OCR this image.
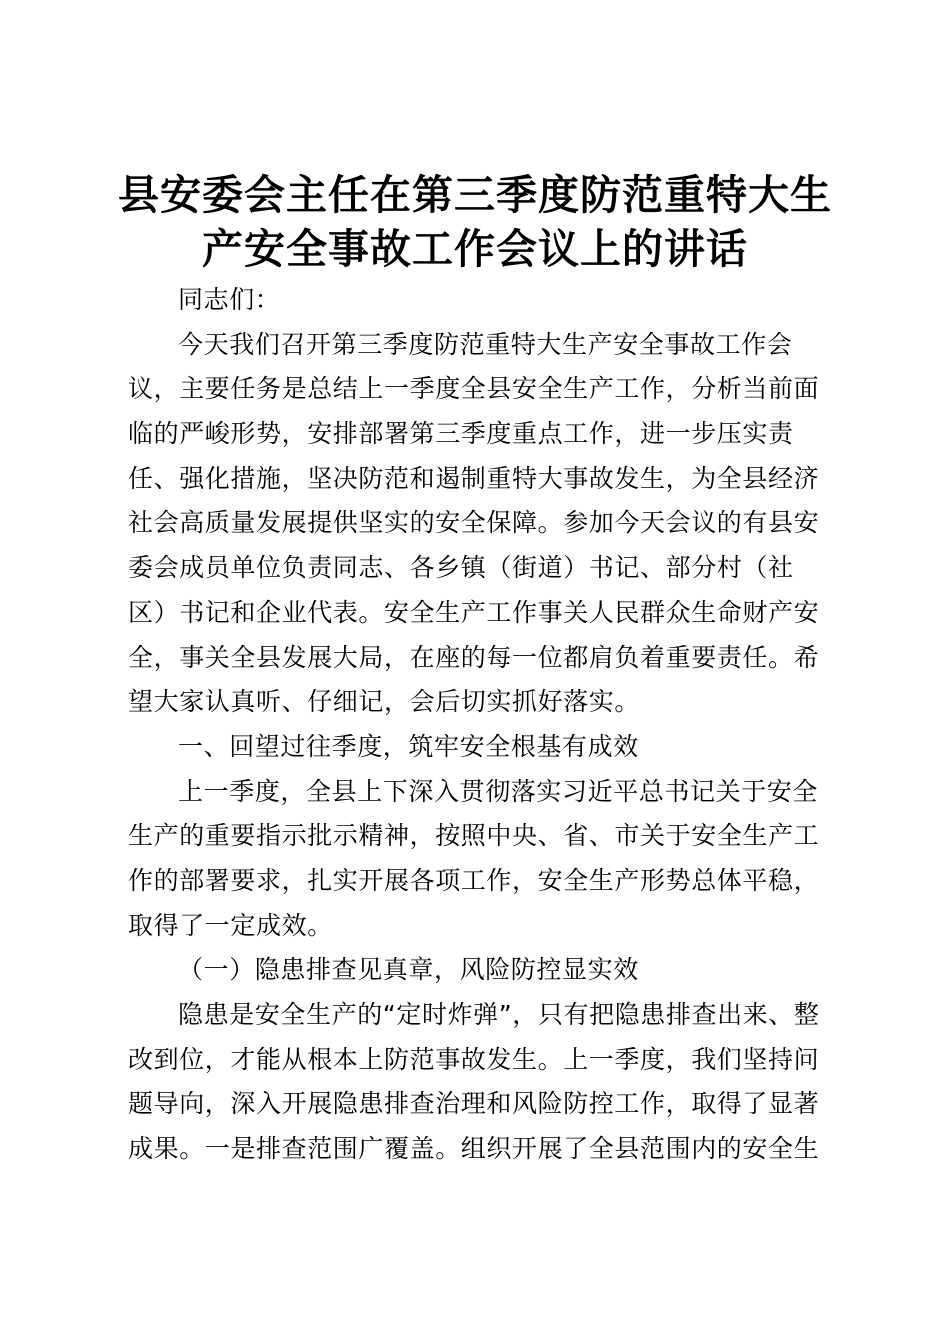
县安委会主任在第三季度防范重特大生
产安全事故工作会议上的讲话
同志们：
今天我们召开第三季度防范重特大生产安全事故工作会
议，主要任务是总结上一季度全县安全生产工作，分析当前面
临的严峻形势，安排部署第三季度重点工作，进一步压实责
任、强化措施，坚决防范和遏制重特大事故发生，为全县经济
社会高质量发展提供坚实的安全保障。参加今天会议的有县安
委会成员单位负责同志、各乡镇（街道）书记、部分村（社
区）书记和企业代表。安全生产工作事关人民群众生命财产安
全，事关全县发展大局，在座的每一位都肩负着重要责任。希
望大家认真听、仔细记，会后切实抓好落实。
一、回望过往季度，筑牢安全根基有成效
上一季度，全县上下深入贯彻落实习近平总书记关于安全
生产的重要指示批示精神，按照中央、省、市关于安全生产工
作的部署要求，扎实开展各项工作，安全生产形势总体平稳，
取得了一定成效。
（一）隐患排查见真章，风险防控显实效
隐患是安全生产的“定时炸弹”，只有把隐患排查出来、整
改到位，才能从根本上防范事故发生。上一季度，我们坚持问
题导向，深入开展隐患排查治理和风险防控工作，取得了显著
成果。一是排查范围广覆盖。组织开展了全县范围内的安全生
